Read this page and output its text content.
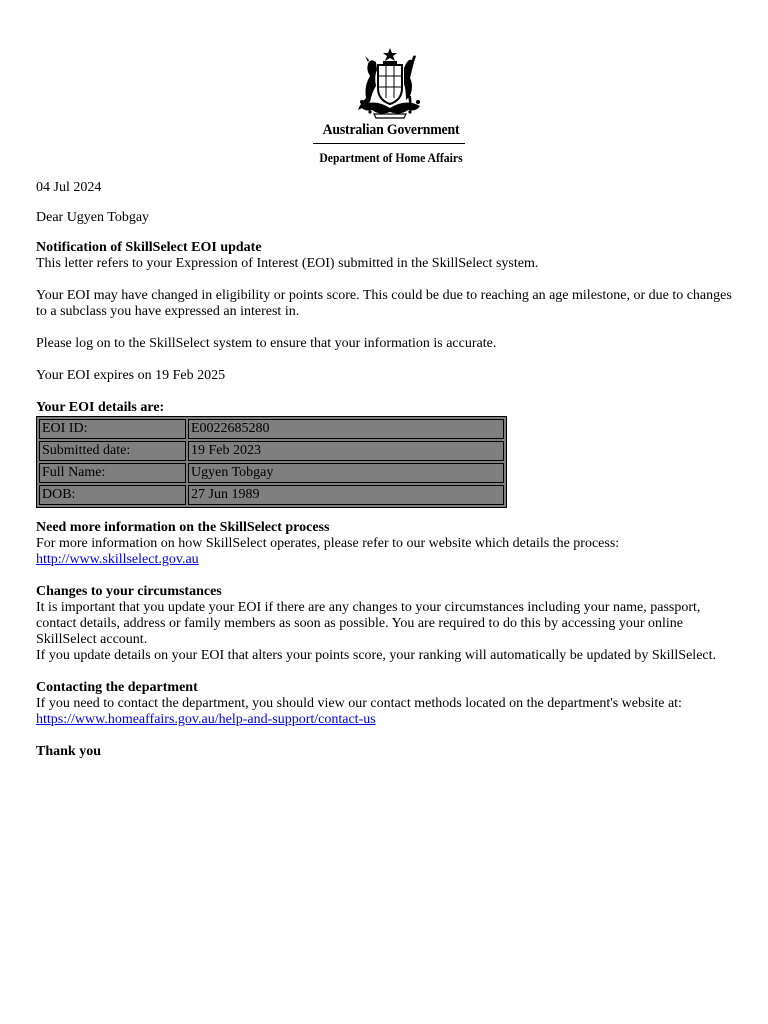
Australian Government
Department of Home Affairs

04 Jul 2024

Dear Ugyen Tobgay

Notification of SkillSelect EOI update
This letter refers to your Expression of Interest (EOI) submitted in the SkillSelect system.

Your EOI may have changed in eligibility or points score. This could be due to reaching an age milestone, or due to changes to a subclass you have expressed an interest in.

Please log on to the SkillSelect system to ensure that your information is accurate.

Your EOI expires on 19 Feb 2025

Your EOI details are:
EOI ID:	E0022685280
Submitted date:	19 Feb 2023
Full Name:	Ugyen Tobgay
DOB:	27 Jun 1989

Need more information on the SkillSelect process
For more information on how SkillSelect operates, please refer to our website which details the process:
http://www.skillselect.gov.au

Changes to your circumstances
It is important that you update your EOI if there are any changes to your circumstances including your name, passport, contact details, address or family members as soon as possible. You are required to do this by accessing your online SkillSelect account.
If you update details on your EOI that alters your points score, your ranking will automatically be updated by SkillSelect.

Contacting the department
If you need to contact the department, you should view our contact methods located on the department's website at:
https://www.homeaffairs.gov.au/help-and-support/contact-us

Thank you
